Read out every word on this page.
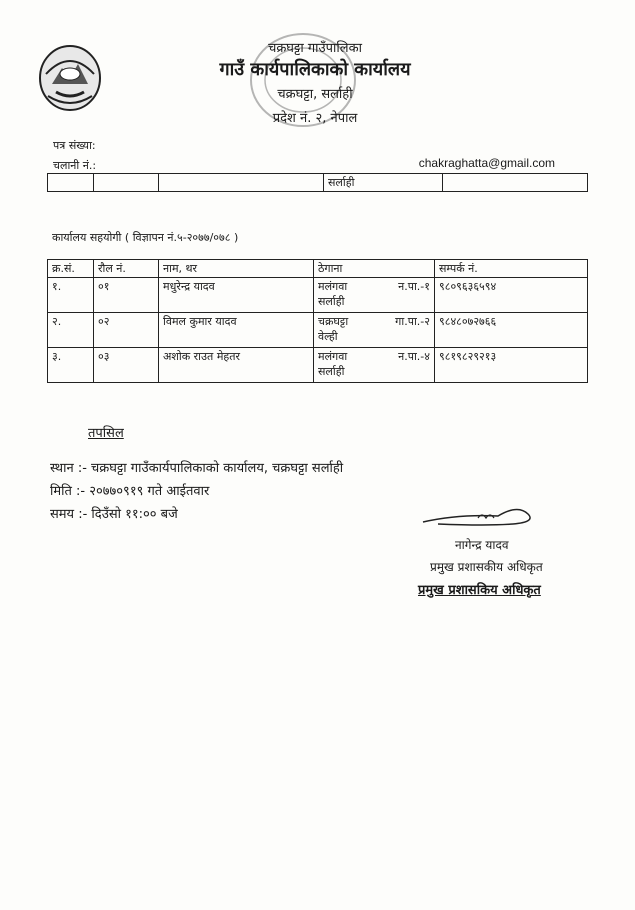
चक्रघट्टा गाउँपालिका
गाउँ कार्यपालिकाको कार्यालय
चक्रघट्टा, सर्लाही
प्रदेश नं. २, नेपाल
पत्र संख्या:
चलानी नं.:	chakraghatta@gmail.com
			सर्लाही	
कार्यालय सहयोगी ( विज्ञापन नं.५-२०७७/०७८ )
क्र.सं.	रौल नं.	नाम, थर	ठेगाना	सम्पर्क नं.
१.	०१	मधुरेन्द्र यादव	मलंगवा न.पा.-१
सर्लाही	९८०९६३६५९४
२.	०२	विमल कुमार यादव	चक्रघट्टा गा.पा.-२
वेल्ही	९८४८०७२७६६
३.	०३	अशोक राउत मेहतर	मलंगवा न.पा.-४
सर्लाही	९८१९८२९२१३
तपसिल
स्थान :- चक्रघट्टा गाउँकार्यपालिकाको कार्यालय, चक्रघट्टा सर्लाही
मिति :- २०७७०९१९ गते आईतवार
समय :- दिउँसो ११:०० बजे
नागेन्द्र यादव
प्रमुख प्रशासकीय अधिकृत
प्रमुख प्रशासकिय अधिकृत
